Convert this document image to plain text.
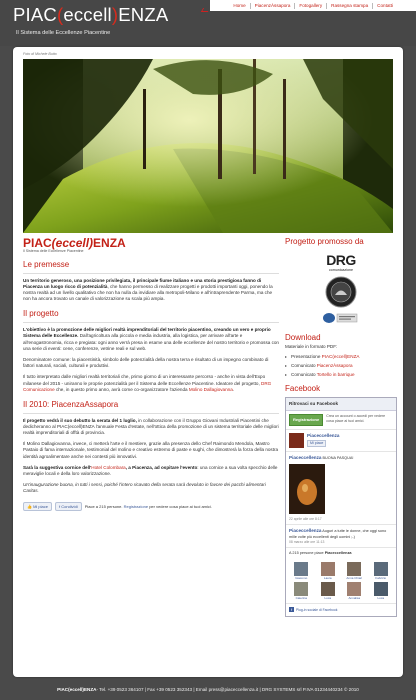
PIAC(eccell)ENZA
Il Sistema delle Eccellenze Piacentine
Home	PiacenzÀssapora	Fotogallery	Rassegna stampa	Contatti
Foto di Michele Butto
PIAC(eccell)ENZA
Il Sistema delle Eccellenze Piacentine
Le premesse

Un territorio generoso, una posizione privilegiata, il principale fiume italiano e una storia prestigiosa fanno di Piacenza un luogo ricco di potenzialità, che hanno permesso di realizzare progetti e prodotti importanti oggi, ponendo la nostra realtà ad un livello qualitativo che non ha nulla da invidiare alla metropoli-Milano e all'intraprendente Parma, ma che non ha ancora trovato un canale di valorizzazione su scala più ampia.

Il progetto

L'obiettivo è la promozione delle migliori realtà imprenditoriali del territorio piacentino, creando un vero e proprio Sistema delle Eccellenze. Dall'agricoltura alla piccola e media industria, alla logistica, per arrivare all'arte e all'enogastronomia, ricca e pregiata: ogni anno verrà presa in esame una delle eccellenze del nostro territorio e promossa con una serie di eventi: cene, conferenze, vetrine reali e sul web.

Denominatore comune: la piacentinità, simbolo delle potenzialità della nostra terra e risultato di un impegno combinato di fattori naturali, sociali, culturali e produttivi.

Il tutto interpretato dalle migliori realtà territoriali che, primo giorno di un interessante percorso - anche in vista dell'Expo milanese del 2015 - uniranno le proprie potenzialità per il Sistema delle Eccellenze Piacentine. Ideatore del progetto, DRG Comunicazione che, in questo primo anno, avrà come co-organizzatore l'azienda Molino Dallagiovanna.

Il 2010: PiacenzaAssapora

Il progetto vedrà il suo debutto la serata del 1 luglio, in collaborazione con il Gruppo Giovani Industriali Piacentini che dedicheranno al PIAC(eccell)ENZA l'annuale Festa d'estate, nell'ottica della promozione di un sistema territoriale delle migliori realtà imprenditoriali di offtà di provincia.

Il Molino Dallagiovanna, invece, ci metterà l'arte e il mestiere, grazie alla presenza dello Chef Raimondo Mendola, Mastro Pastaio di fama internazionale, testimonial del molino e creativo estremo di paste e sughi, che dimostrerà la forza della nostra identità agroalimentare anche nei contesti più innovativi.

Sarà la suggestiva cornice dell'Hotel Colombara, a Piacenza, ad ospitare l'evento: una cornice a sua volta specchio delle meraviglie locali e della loro valorizzazione.

Un'inaugurazione buona, in tutti i sensi, poiché l'intero ricavato della serata sarà devoluto in favore dei pacchi alimentari Caritas.

👍 Mi piace	f Condividi	Piace a 215 persone. Registrazione per vedere cosa piace ai tuoi amici.
Progetto promosso da
DRG
comunicazione
Download
Materiale in formato PDF:
▸ Presentazione PIAC(eccell)ENZA
▸ Comunicato PiacenzÀssapora
▸ Comunicato Tortello in barrique
Facebook
Ritrovaci su Facebook
Registrazione
Crea un account o accedi per vedere cosa piace ai tuoi amici.
Piaceccellenza
Mi piace
Piaceccellenza BUONA PASQUA!
22 aprile alle ore 8:17
Piaceccellenza Auguri a tutte le donne, che oggi sono mille volte più eccellenti degli uomini ;-)
08 marzo alle ore 11:13
A 215 persone piace Piaceccellenza
Giacomo	Laura	Anna Chiari	Fabrizio
Caterina	Luca	Annalisa	Luca
f Plug-in sociale di Facebook
PIAC(eccell)ENZA - Tel. +39 0523 364107 | Fax +39 0523 352343 | Email press@piaceccellenza.it | DRG SYSTEMS srl P.IVA 01234440234 © 2010
